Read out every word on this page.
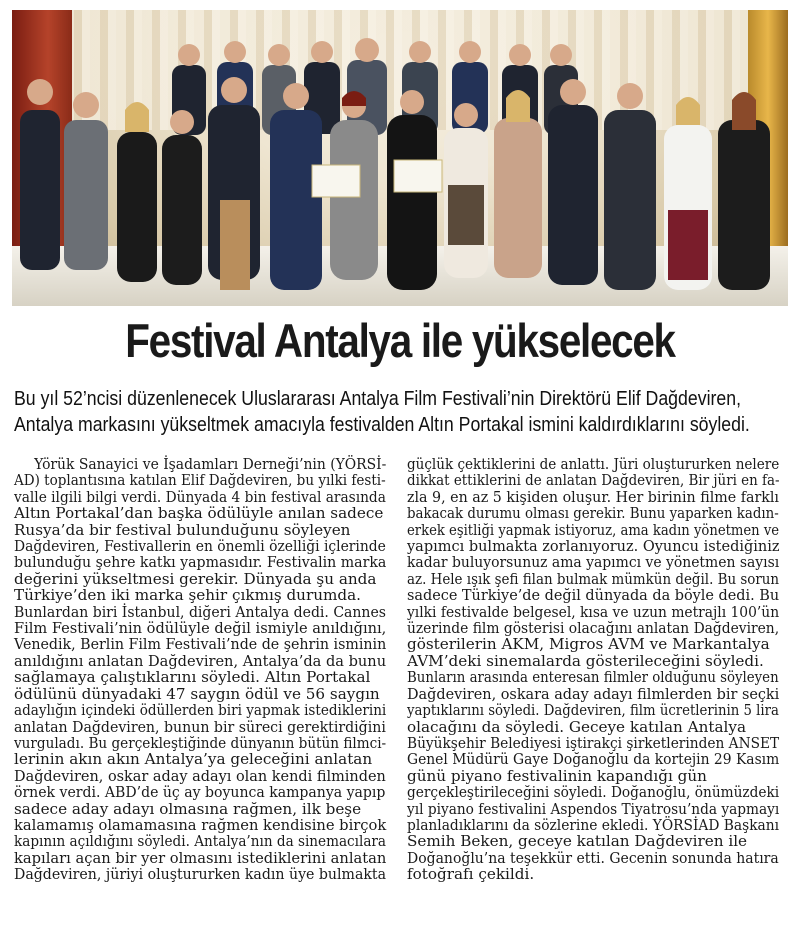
Festival Antalya ile yükselecek
Bu yıl 52’ncisi düzenlenecek Uluslararası Antalya Film Festivali’nin Direktörü Elif Dağdeviren,
Antalya markasını yükseltmek amacıyla festivalden Altın Portakal ismini kaldırdıklarını söyledi.
Yörük Sanayici ve İşadamları Derneği’nin (YÖRSİ-
AD) toplantısına katılan Elif Dağdeviren, bu yılki festi-
valle ilgili bilgi verdi. Dünyada 4 bin festival arasında
Altın Portakal’dan başka ödülüyle anılan sadece
Rusya’da bir festival bulunduğunu söyleyen
Dağdeviren, Festivallerin en önemli özelliği içlerinde
bulunduğu şehre katkı yapmasıdır. Festivalin marka
değerini yükseltmesi gerekir. Dünyada şu anda
Türkiye’den iki marka şehir çıkmış durumda.
Bunlardan biri İstanbul, diğeri Antalya dedi. Cannes
Film Festivali’nin ödülüyle değil ismiyle anıldığını,
Venedik, Berlin Film Festivali’nde de şehrin isminin
anıldığını anlatan Dağdeviren, Antalya’da da bunu
sağlamaya çalıştıklarını söyledi. Altın Portakal
ödülünü dünyadaki 47 saygın ödül ve 56 saygın
adaylığın içindeki ödüllerden biri yapmak istediklerini
anlatan Dağdeviren, bunun bir süreci gerektirdiğini
vurguladı. Bu gerçekleştiğinde dünyanın bütün filmci-
lerinin akın akın Antalya’ya geleceğini anlatan
Dağdeviren, oskar aday adayı olan kendi filminden
örnek verdi. ABD’de üç ay boyunca kampanya yapıp
sadece aday adayı olmasına rağmen, ilk beşe
kalamamış olamamasına rağmen kendisine birçok
kapının açıldığını söyledi. Antalya’nın da sinemacılara
kapıları açan bir yer olmasını istediklerini anlatan
Dağdeviren, jüriyi oluştururken kadın üye bulmakta
güçlük çektiklerini de anlattı. Jüri oluştururken nelere
dikkat ettiklerini de anlatan Dağdeviren, Bir jüri en fa-
zla 9, en az 5 kişiden oluşur. Her birinin filme farklı
bakacak durumu olması gerekir. Bunu yaparken kadın-
erkek eşitliği yapmak istiyoruz, ama kadın yönetmen ve
yapımcı bulmakta zorlanıyoruz. Oyuncu istediğiniz
kadar buluyorsunuz ama yapımcı ve yönetmen sayısı
az. Hele ışık şefi filan bulmak mümkün değil. Bu sorun
sadece Türkiye’de değil dünyada da böyle dedi. Bu
yılki festivalde belgesel, kısa ve uzun metrajlı 100’ün
üzerinde film gösterisi olacağını anlatan Dağdeviren,
gösterilerin AKM, Migros AVM ve Markantalya
AVM’deki sinemalarda gösterileceğini söyledi.
Bunların arasında enteresan filmler olduğunu söyleyen
Dağdeviren, oskara aday adayı filmlerden bir seçki
yaptıklarını söyledi. Dağdeviren, film ücretlerinin 5 lira
olacağını da söyledi. Geceye katılan Antalya
Büyükşehir Belediyesi iştirakçi şirketlerinden ANSET
Genel Müdürü Gaye Doğanoğlu da kortejin 29 Kasım
günü piyano festivalinin kapandığı gün
gerçekleştirileceğini söyledi. Doğanoğlu, önümüzdeki
yıl piyano festivalini Aspendos Tiyatrosu’nda yapmayı
planladıklarını da sözlerine ekledi. YÖRSİAD Başkanı
Semih Beken, geceye katılan Dağdeviren ile
Doğanoğlu’na teşekkür etti. Gecenin sonunda hatıra
fotoğrafı çekildi.
